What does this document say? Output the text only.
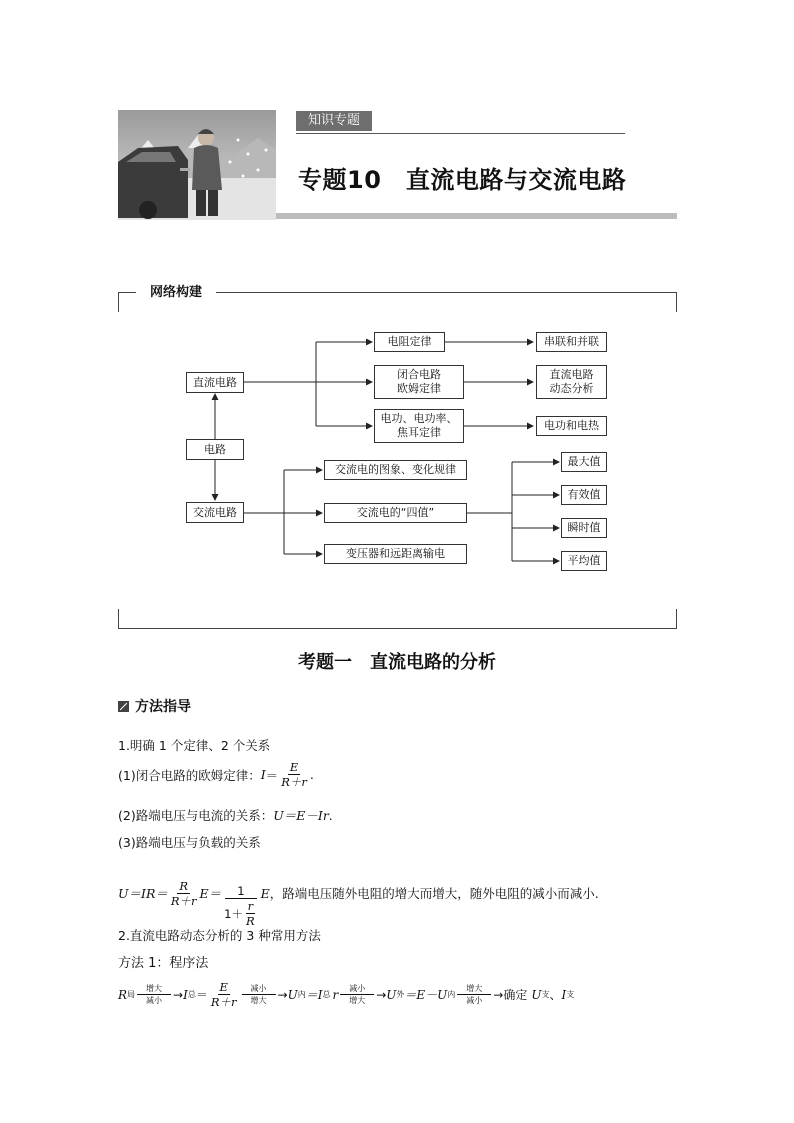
知识专题
专题10　直流电路与交流电路
网络构建
电路
直流电路
交流电路
电阻定律
闭合电路
欧姆定律
电功、电功率、
焦耳定律
串联和并联
直流电路
动态分析
电功和电热
交流电的图象、变化规律
交流电的“四值”
变压器和远距离输电
最大值
有效值
瞬时值
平均值
考题一　直流电路的分析
方法指导
1.明确 1 个定律、2 个关系
(1)闭合电路的欧姆定律： $I = \frac{E}{R+r}$ .
(2)路端电压与电流的关系：U＝E－Ir.
(3)路端电压与负载的关系
$U=IR= \frac{R}{R+r} E= \frac{1}{1+ \frac{r}{R}}$ E ，路端电压随外电阻的增大而增大，随外电阻的减小而减小.
2.直流电路动态分析的 3 种常用方法
方法 1：程序法
R 局
增大
减小 → I 总 ＝ $\frac{E}{R+r}$ 减小
增大 → U 内 ＝I 总 r 减小
增大 → U 外 ＝E－U 内
增大
减小 → 确定 U 支 、 I 支
